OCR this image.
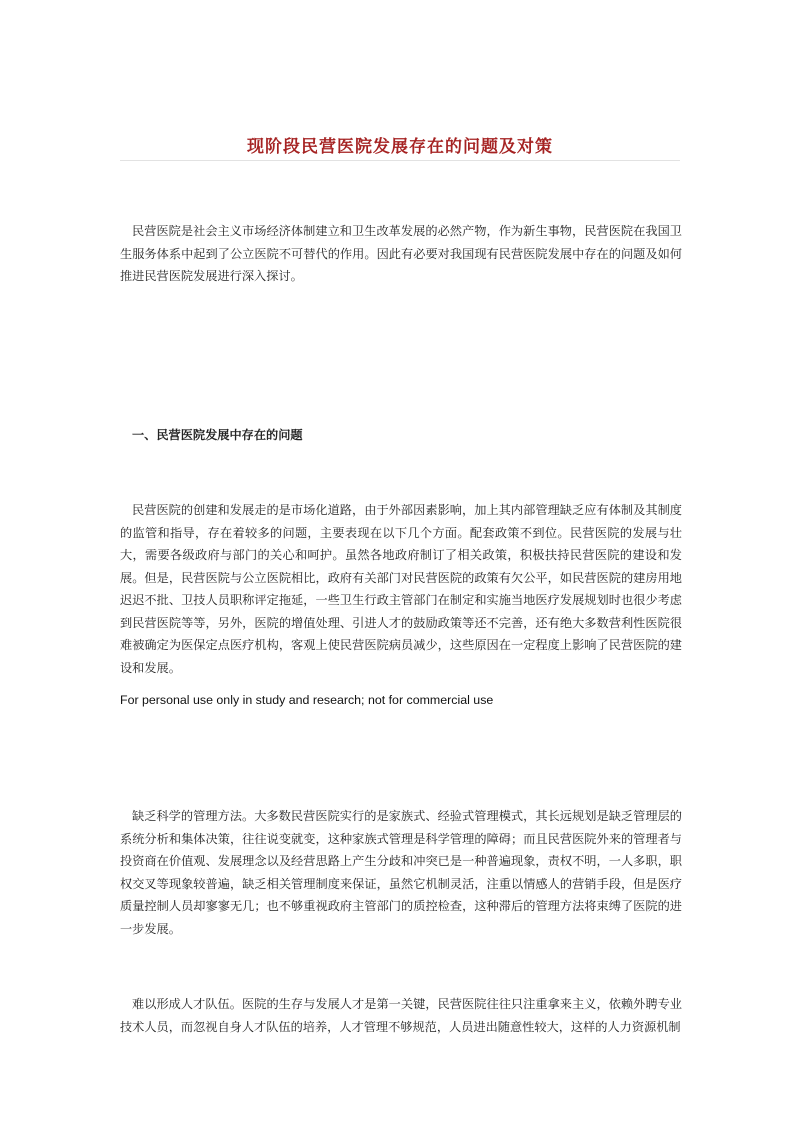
现阶段民营医院发展存在的问题及对策

民营医院是社会主义市场经济体制建立和卫生改革发展的必然产物，作为新生事物，民营医院在我国卫生服务体系中起到了公立医院不可替代的作用。因此有必要对我国现有民营医院发展中存在的问题及如何推进民营医院发展进行深入探讨。

一、民营医院发展中存在的问题

民营医院的创建和发展走的是市场化道路，由于外部因素影响，加上其内部管理缺乏应有体制及其制度的监管和指导，存在着较多的问题，主要表现在以下几个方面。配套政策不到位。民营医院的发展与壮大，需要各级政府与部门的关心和呵护。虽然各地政府制订了相关政策，积极扶持民营医院的建设和发展。但是，民营医院与公立医院相比，政府有关部门对民营医院的政策有欠公平，如民营医院的建房用地迟迟不批、卫技人员职称评定拖延，一些卫生行政主管部门在制定和实施当地医疗发展规划时也很少考虑到民营医院等等，另外，医院的增值处理、引进人才的鼓励政策等还不完善，还有绝大多数营利性医院很难被确定为医保定点医疗机构，客观上使民营医院病员减少，这些原因在一定程度上影响了民营医院的建设和发展。

For personal use only in study and research; not for commercial use

缺乏科学的管理方法。大多数民营医院实行的是家族式、经验式管理模式，其长远规划是缺乏管理层的系统分析和集体决策，往往说变就变，这种家族式管理是科学管理的障碍；而且民营医院外来的管理者与投资商在价值观、发展理念以及经营思路上产生分歧和冲突已是一种普遍现象，责权不明，一人多职，职权交叉等现象较普遍，缺乏相关管理制度来保证，虽然它机制灵活，注重以情感人的营销手段，但是医疗质量控制人员却寥寥无几；也不够重视政府主管部门的质控检查，这种滞后的管理方法将束缚了医院的进一步发展。

难以形成人才队伍。医院的生存与发展人才是第一关键，民营医院往往只注重拿来主义，依赖外聘专业技术人员，而忽视自身人才队伍的培养，人才管理不够规范，人员进出随意性较大，这样的人力资源机制
